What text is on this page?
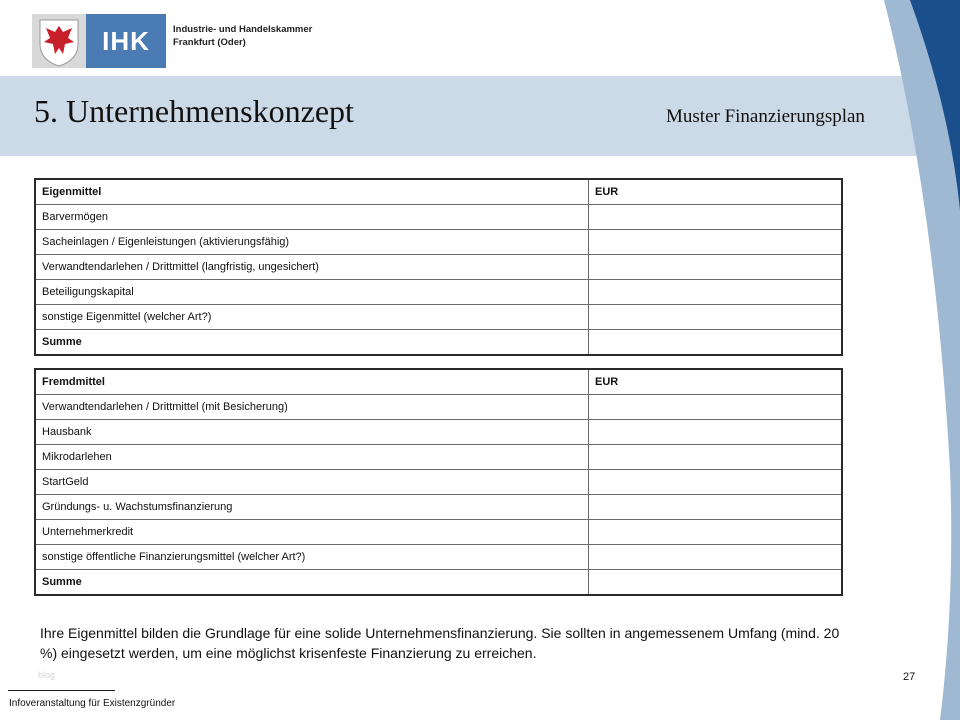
IHK	Industrie- und Handelskammer
Frankfurt (Oder)
5. Unternehmenskonzept	Muster Finanzierungsplan
Eigenmittel	EUR
Barvermögen	
Sacheinlagen / Eigenleistungen (aktivierungsfähig)	
Verwandtendarlehen / Drittmittel (langfristig, ungesichert)	
Beteiligungskapital	
sonstige Eigenmittel (welcher Art?)	
Summe	
Fremdmittel	EUR
Verwandtendarlehen / Drittmittel (mit Besicherung)	
Hausbank	
Mikrodarlehen	
StartGeld	
Gründungs- u. Wachstumsfinanzierung	
Unternehmerkredit	
sonstige öffentliche Finanzierungsmittel (welcher Art?)	
Summe	
Ihre Eigenmittel bilden die Grundlage für eine solide Unternehmensfinanzierung. Sie sollten in angemessenem Umfang (mind. 20 %) eingesetzt werden, um eine möglichst krisenfeste Finanzierung zu erreichen.
blog	27
Infoveranstaltung für Existenzgründer
